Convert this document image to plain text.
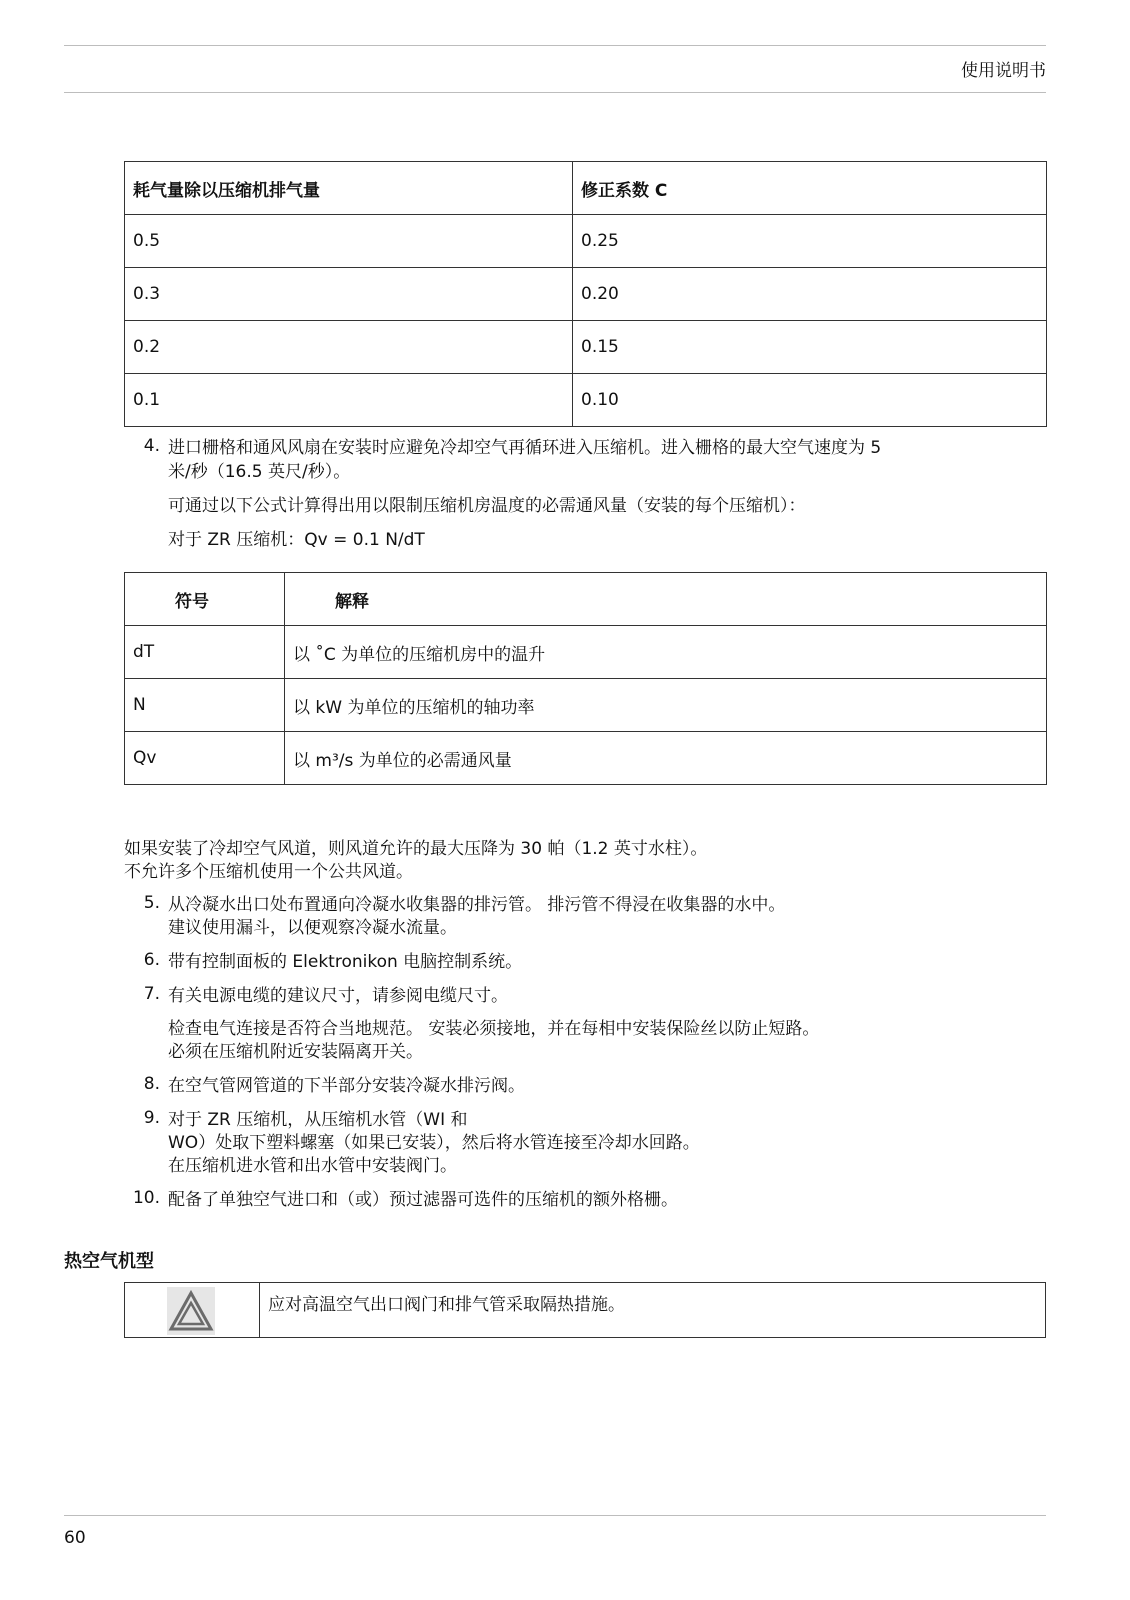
使用说明书
耗气量除以压缩机排气量	修正系数 C
0.5	0.25
0.3	0.20
0.2	0.15
0.1	0.10
4. 进口栅格和通风风扇在安装时应避免冷却空气再循环进入压缩机。进入栅格的最大空气速度为 5
米/秒（16.5 英尺/秒）。
可通过以下公式计算得出用以限制压缩机房温度的必需通风量（安装的每个压缩机）：
对于 ZR 压缩机：Qv = 0.1 N/dT
符号	解释
dT	以 ˚C 为单位的压缩机房中的温升
N	以 kW 为单位的压缩机的轴功率
Qv	以 m³/s 为单位的必需通风量
如果安装了冷却空气风道，则风道允许的最大压降为 30 帕（1.2 英寸水柱）。
不允许多个压缩机使用一个公共风道。
5. 从冷凝水出口处布置通向冷凝水收集器的排污管。 排污管不得浸在收集器的水中。
建议使用漏斗，以便观察冷凝水流量。
6. 带有控制面板的 Elektronikon 电脑控制系统。
7. 有关电源电缆的建议尺寸，请参阅电缆尺寸。
检查电气连接是否符合当地规范。 安装必须接地，并在每相中安装保险丝以防止短路。
必须在压缩机附近安装隔离开关。
8. 在空气管网管道的下半部分安装冷凝水排污阀。
9. 对于 ZR 压缩机，从压缩机水管（WI 和
WO）处取下塑料螺塞（如果已安装），然后将水管连接至冷却水回路。
在压缩机进水管和出水管中安装阀门。
10. 配备了单独空气进口和（或）预过滤器可选件的压缩机的额外格栅。
热空气机型
	应对高温空气出口阀门和排气管采取隔热措施。
60
